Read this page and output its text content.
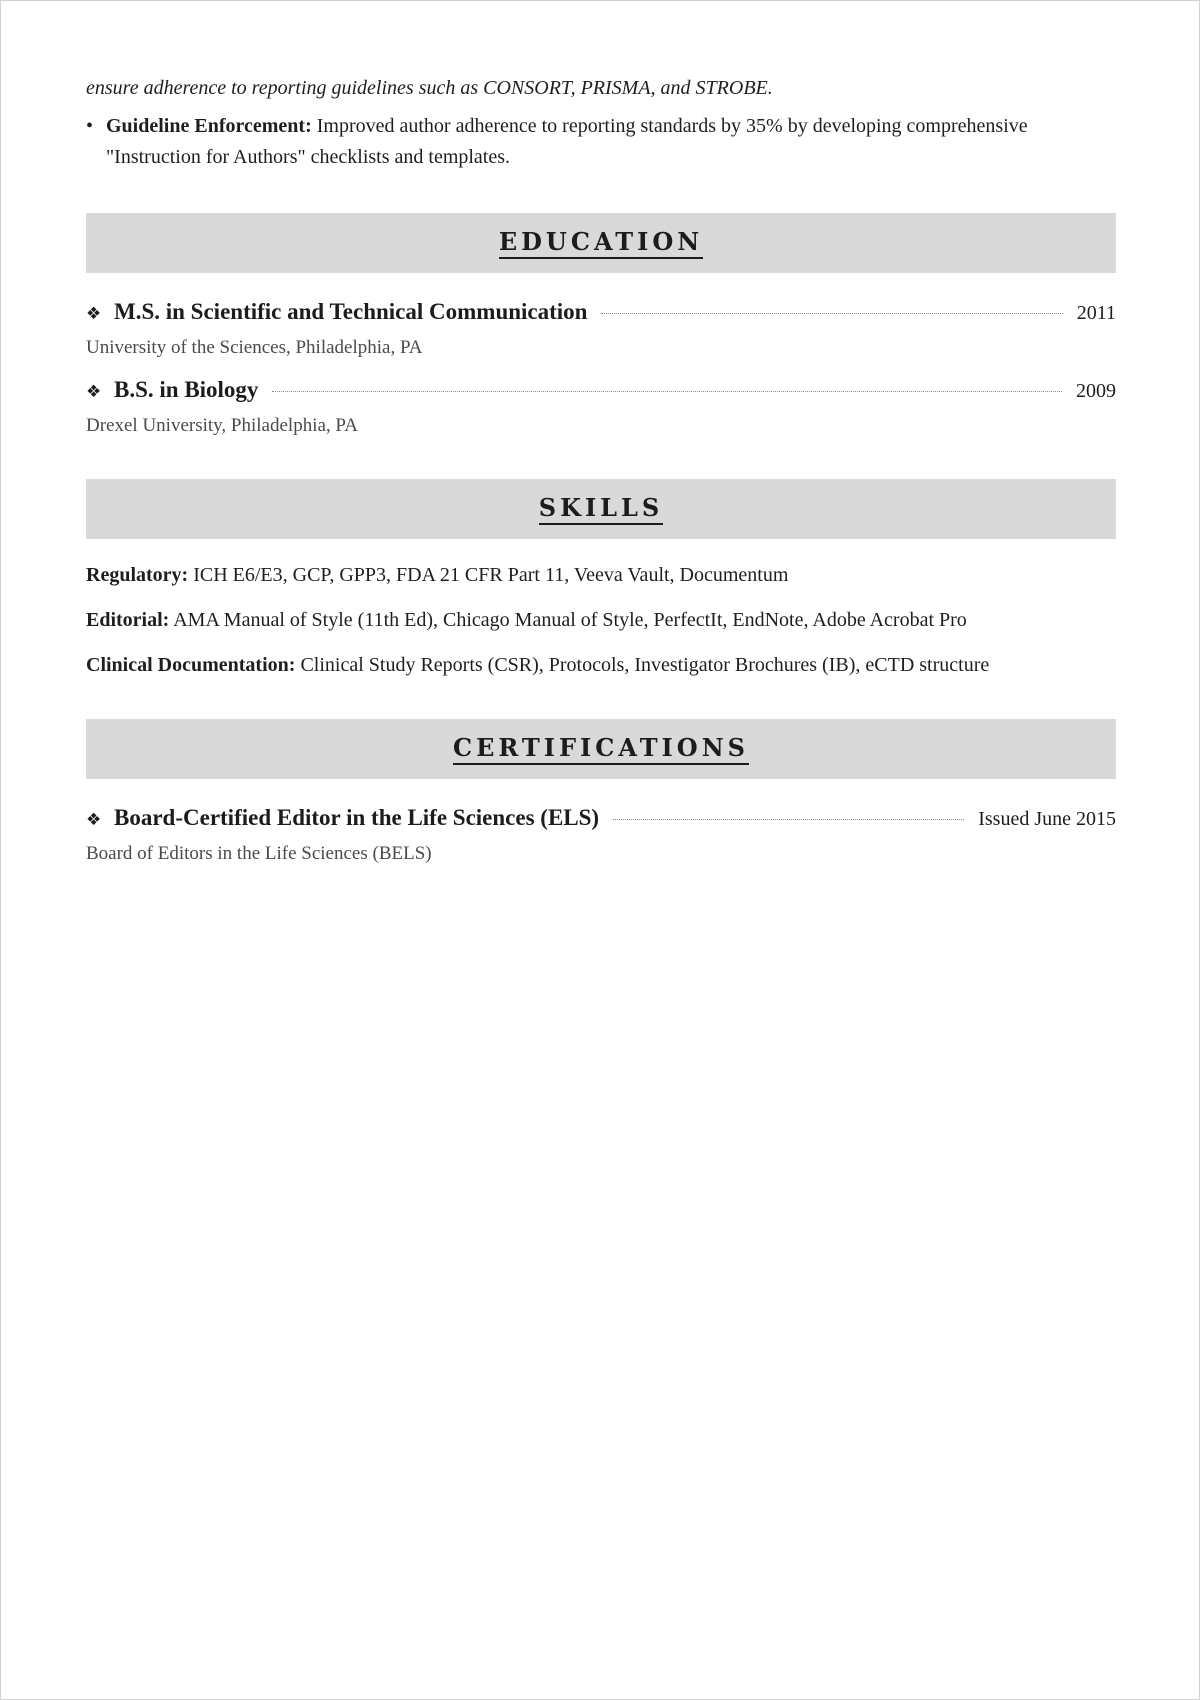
ensure adherence to reporting guidelines such as CONSORT, PRISMA, and STROBE.

• Guideline Enforcement: Improved author adherence to reporting standards by 35% by developing comprehensive "Instruction for Authors" checklists and templates.
EDUCATION
❖ M.S. in Scientific and Technical Communication	2011
University of the Sciences, Philadelphia, PA
❖ B.S. in Biology	2009
Drexel University, Philadelphia, PA
SKILLS
Regulatory: ICH E6/E3, GCP, GPP3, FDA 21 CFR Part 11, Veeva Vault, Documentum
Editorial: AMA Manual of Style (11th Ed), Chicago Manual of Style, PerfectIt, EndNote, Adobe Acrobat Pro
Clinical Documentation: Clinical Study Reports (CSR), Protocols, Investigator Brochures (IB), eCTD structure
CERTIFICATIONS
❖ Board-Certified Editor in the Life Sciences (ELS)	Issued June 2015
Board of Editors in the Life Sciences (BELS)
